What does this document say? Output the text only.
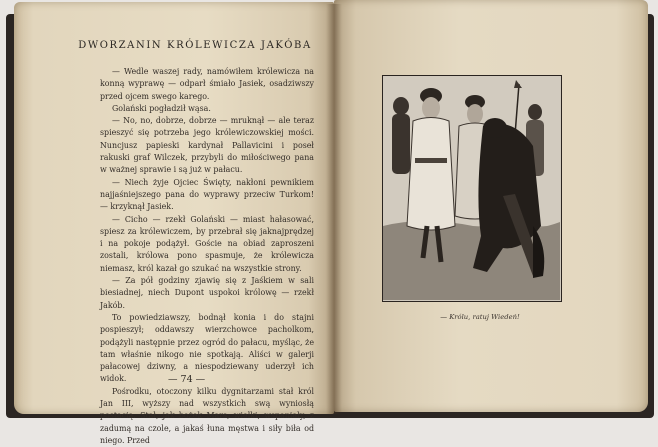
DWORZANIN KRÓLEWICZA JAKÓBA

— Wedle waszej rady, namówiłem królewicza na konną wyprawę — odparł śmiało Jasiek, osadziwszy przed ojcem swego karego.

Golański pogładził wąsa.

— No, no, dobrze, dobrze — mruknął — ale teraz spieszyć się potrzeba jego królewiczowskiej mości. Nuncjusz papieski kardynał Pallavicini i poseł rakuski graf Wilczek, przybyli do miłościwego pana w ważnej sprawie i są już w pałacu.

— Niech żyje Ojciec Święty, nakłoni pewnikiem najjaśniejszego pana do wyprawy przeciw Turkom! — krzyknął Jasiek.

— Cicho — rzekł Golański — miast hałasować, spiesz za królewiczem, by przebrał się jaknajprędzej i na pokoje podążył. Goście na obiad zaproszeni zostali, królowa pono spasmuje, że królewicza niemasz, król kazał go szukać na wszystkie strony.

— Za pół godziny zjawię się z Jaśkiem w sali biesiadnej, niech Dupont uspokoi królowę — rzekł Jakób.

To powiedziawszy, bodnął konia i do stajni pospieszył; oddawszy wierzchowce pacholkom, podążyli następnie przez ogród do pałacu, myśląc, że tam właśnie nikogo nie spotkają. Aliści w galerji pałacowej dziwny, a niespodziewany uderzył ich widok.

Pośrodku, otoczony kilku dygnitarzami stał król Jan III, wyższy nad wszystkich swą wyniosłą postacią. Stał, jak bożek Mars, wielki, wspaniały, z zadumą na czole, a jakaś łuna męstwa i siły biła od niego. Przed

— 74 —
— Królu, ratuj Wiedeń!
